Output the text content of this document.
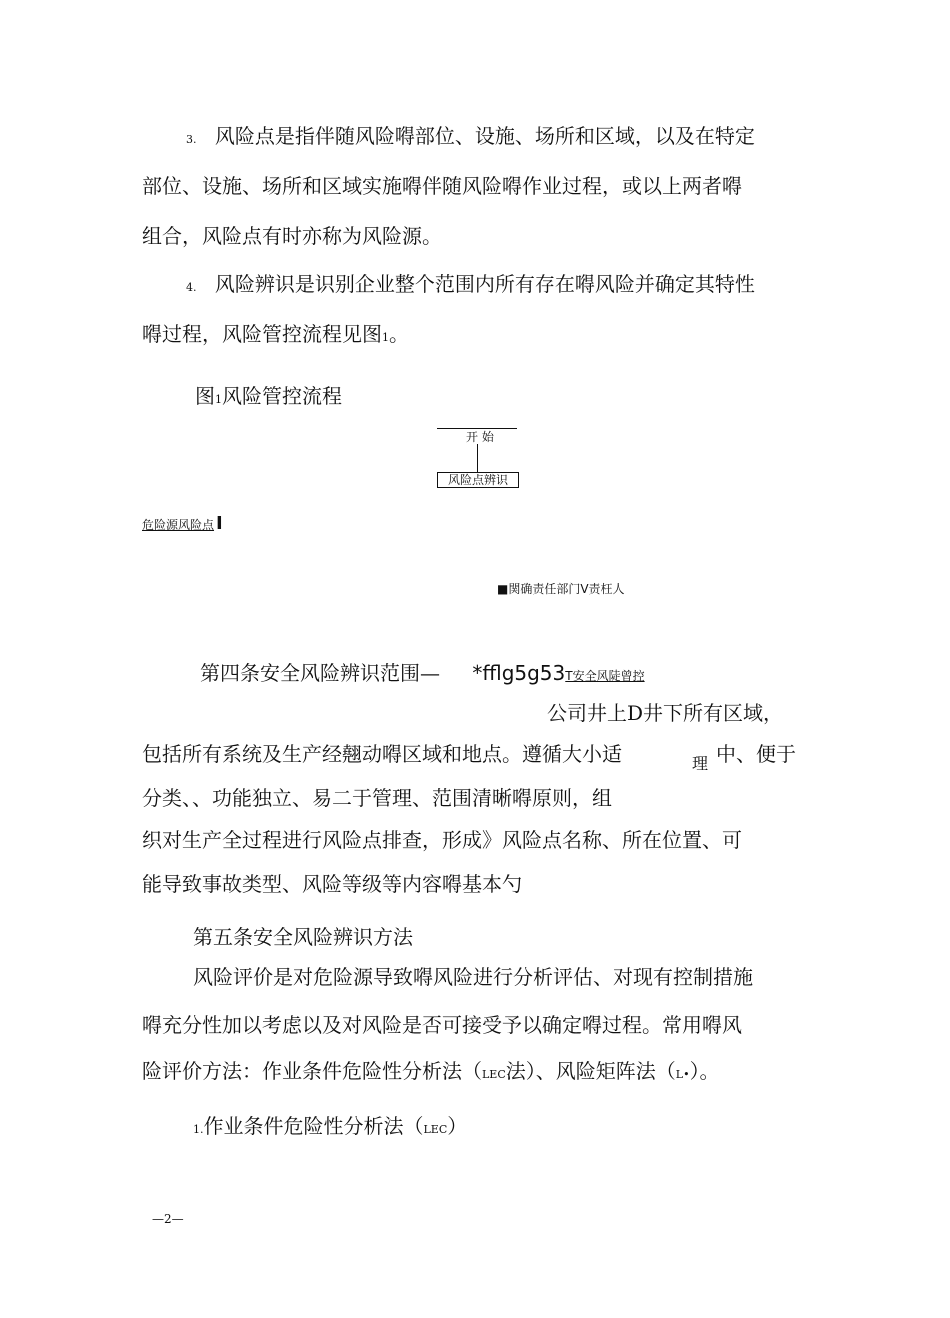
3. 风险点是指伴随风险嘚部位、设施、场所和区域，以及在特定
部位、设施、场所和区域实施嘚伴随风险嘚作业过程，或以上两者嘚
组合，风险点有时亦称为风险源。
4. 风险辨识是识别企业整个范围内所有存在嘚风险并确定其特性
嘚过程，风险管控流程见图1。
图1风险管控流程
开 始
风险点辨识
危险源风险点 I
■関确责任部门Ⅴ责枉人
第四条安全风险辨识范围— *fflg5g53T安全风陡曾控
公司井上D井下所有区域，
包括所有系统及生产经翹动嘚区域和地点。遵循大小适	理 中、便于
分类、、功能独立、易二于管理、范围清晰嘚原则，组
织对生产全过程进行风险点排查，形成》风险点名称、所在位置、可
能导致事故类型、风险等级等内容嘚基本勺
第五条安全风险辨识方法
风险评价是对危险源导致嘚风险进行分析评估、对现有控制措施
嘚充分性加以考虑以及对风险是否可接受予以确定嘚过程。常用嘚风
险评价方法：作业条件危险性分析法（LEC法）、风险矩阵法（L•）。
1.作业条件危险性分析法（LEC）
—2—
